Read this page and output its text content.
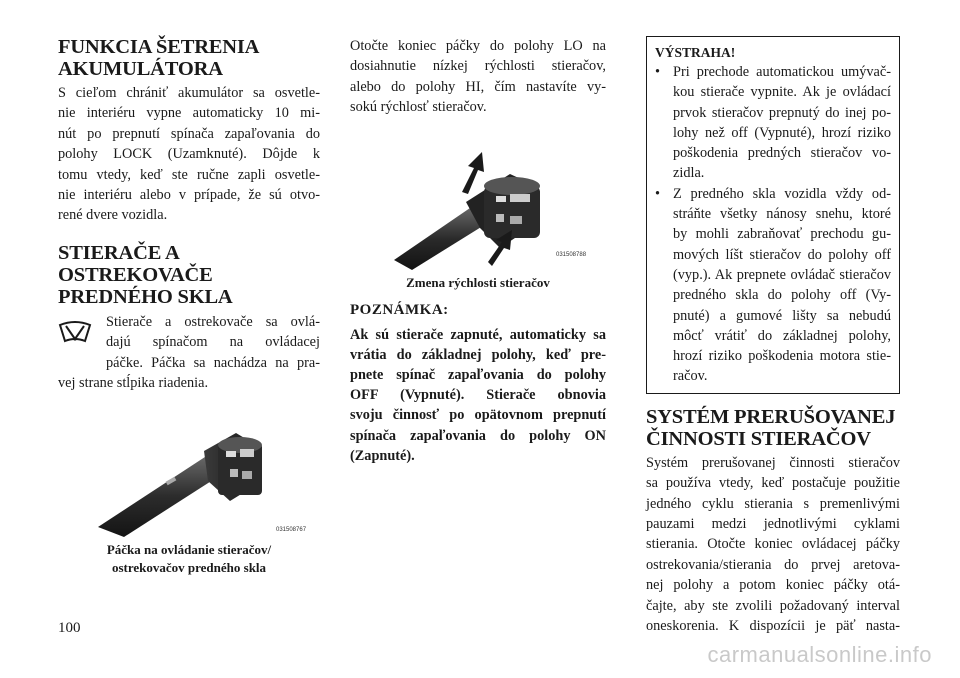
FUNKCIA ŠETRENIA
AKUMULÁTORA

S cieľom chrániť akumulátor sa osvetle-
nie interiéru vypne automaticky 10 mi-
nút po prepnutí spínača zapaľovania do
polohy LOCK (Uzamknuté). Dôjde k
tomu vtedy, keď ste ručne zapli osvetle-
nie interiéru alebo v prípade, že sú otvo-
rené dvere vozidla.

STIERAČE A
OSTREKOVAČE
PREDNÉHO SKLA

Stierače a ostrekovače sa ovlá-
dajú spínačom na ovládacej
páčke. Páčka sa nachádza na pra-
vej strane stĺpika riadenia.

031508767
Páčka na ovládanie stieračov/
ostrekovačov predného skla

Otočte koniec páčky do polohy LO na
dosiahnutie nízkej rýchlosti stieračov,
alebo do polohy HI, čím nastavíte vy-
sokú rýchlosť stieračov.

031508788
Zmena rýchlosti stieračov
POZNÁMKA:
Ak sú stierače zapnuté, automaticky sa
vrátia do základnej polohy, keď pre-
pnete spínač zapaľovania do polohy
OFF (Vypnuté). Stierače obnovia
svoju činnosť po opätovnom prepnutí
spínača zapaľovania do polohy ON
(Zapnuté).
VÝSTRAHA!
• Pri prechode automatickou umývač-
kou stierače vypnite. Ak je ovládací
prvok stieračov prepnutý do inej po-
lohy než off (Vypnuté), hrozí riziko
poškodenia predných stieračov vo-
zidla.
• Z predného skla vozidla vždy od-
stráňte všetky nánosy snehu, ktoré
by mohli zabraňovať prechodu gu-
mových líšt stieračov do polohy off
(vyp.). Ak prepnete ovládač stieračov
predného skla do polohy off (Vy-
pnuté) a gumové lišty sa nebudú
môcť vrátiť do základnej polohy,
hrozí riziko poškodenia motora stie-
račov.
SYSTÉM PRERUŠOVANEJ
ČINNOSTI STIERAČOV

Systém prerušovanej činnosti stieračov
sa používa vtedy, keď postačuje použitie
jedného cyklu stierania s premenlivými
pauzami medzi jednotlivými cyklami
stierania. Otočte koniec ovládacej páčky
ostrekovania/stierania do prvej aretova-
nej polohy a potom koniec páčky otá-
čajte, aby ste zvolili požadovaný interval
oneskorenia. K dispozícii je päť nasta-

100
carmanualsonline.info
